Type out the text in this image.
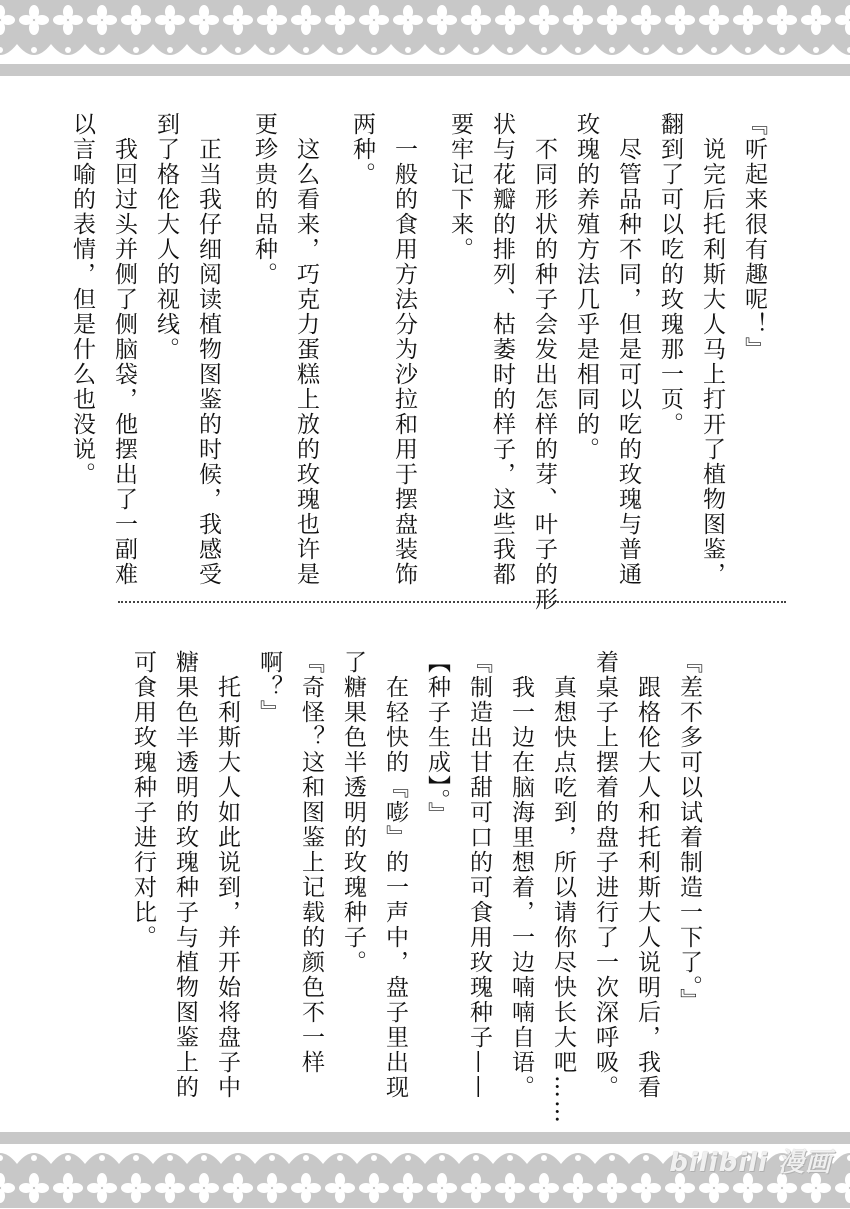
『听起来很有趣呢！』
　说完后托利斯大人马上打开了植物图鉴，
翻到了可以吃的玫瑰那一页。
　尽管品种不同，但是可以吃的玫瑰与普通
玫瑰的养殖方法几乎是相同的。
　不同形状的种子会发出怎样的芽、叶子的形
状与花瓣的排列、枯萎时的样子，这些我都
要牢记下来。
　一般的食用方法分为沙拉和用于摆盘装饰
两种。
　这么看来，巧克力蛋糕上放的玫瑰也许是
更珍贵的品种。
　正当我仔细阅读植物图鉴的时候，我感受
到了格伦大人的视线。
　我回过头并侧了侧脑袋，他摆出了一副难
以言喻的表情，但是什么也没说。
『差不多可以试着制造一下了。』
　跟格伦大人和托利斯大人说明后，我看
着桌子上摆着的盘子进行了一次深呼吸。
　真想快点吃到，所以请你尽快长大吧……
　我一边在脑海里想着，一边喃喃自语。
『制造出甘甜可口的可食用玫瑰种子——
【种子生成】。』
　在轻快的『嘭』的一声中，盘子里出现
了糖果色半透明的玫瑰种子。
『奇怪？这和图鉴上记载的颜色不一样
啊？』
　托利斯大人如此说到，并开始将盘子中
糖果色半透明的玫瑰种子与植物图鉴上的
可食用玫瑰种子进行对比。
bilibili 漫画
